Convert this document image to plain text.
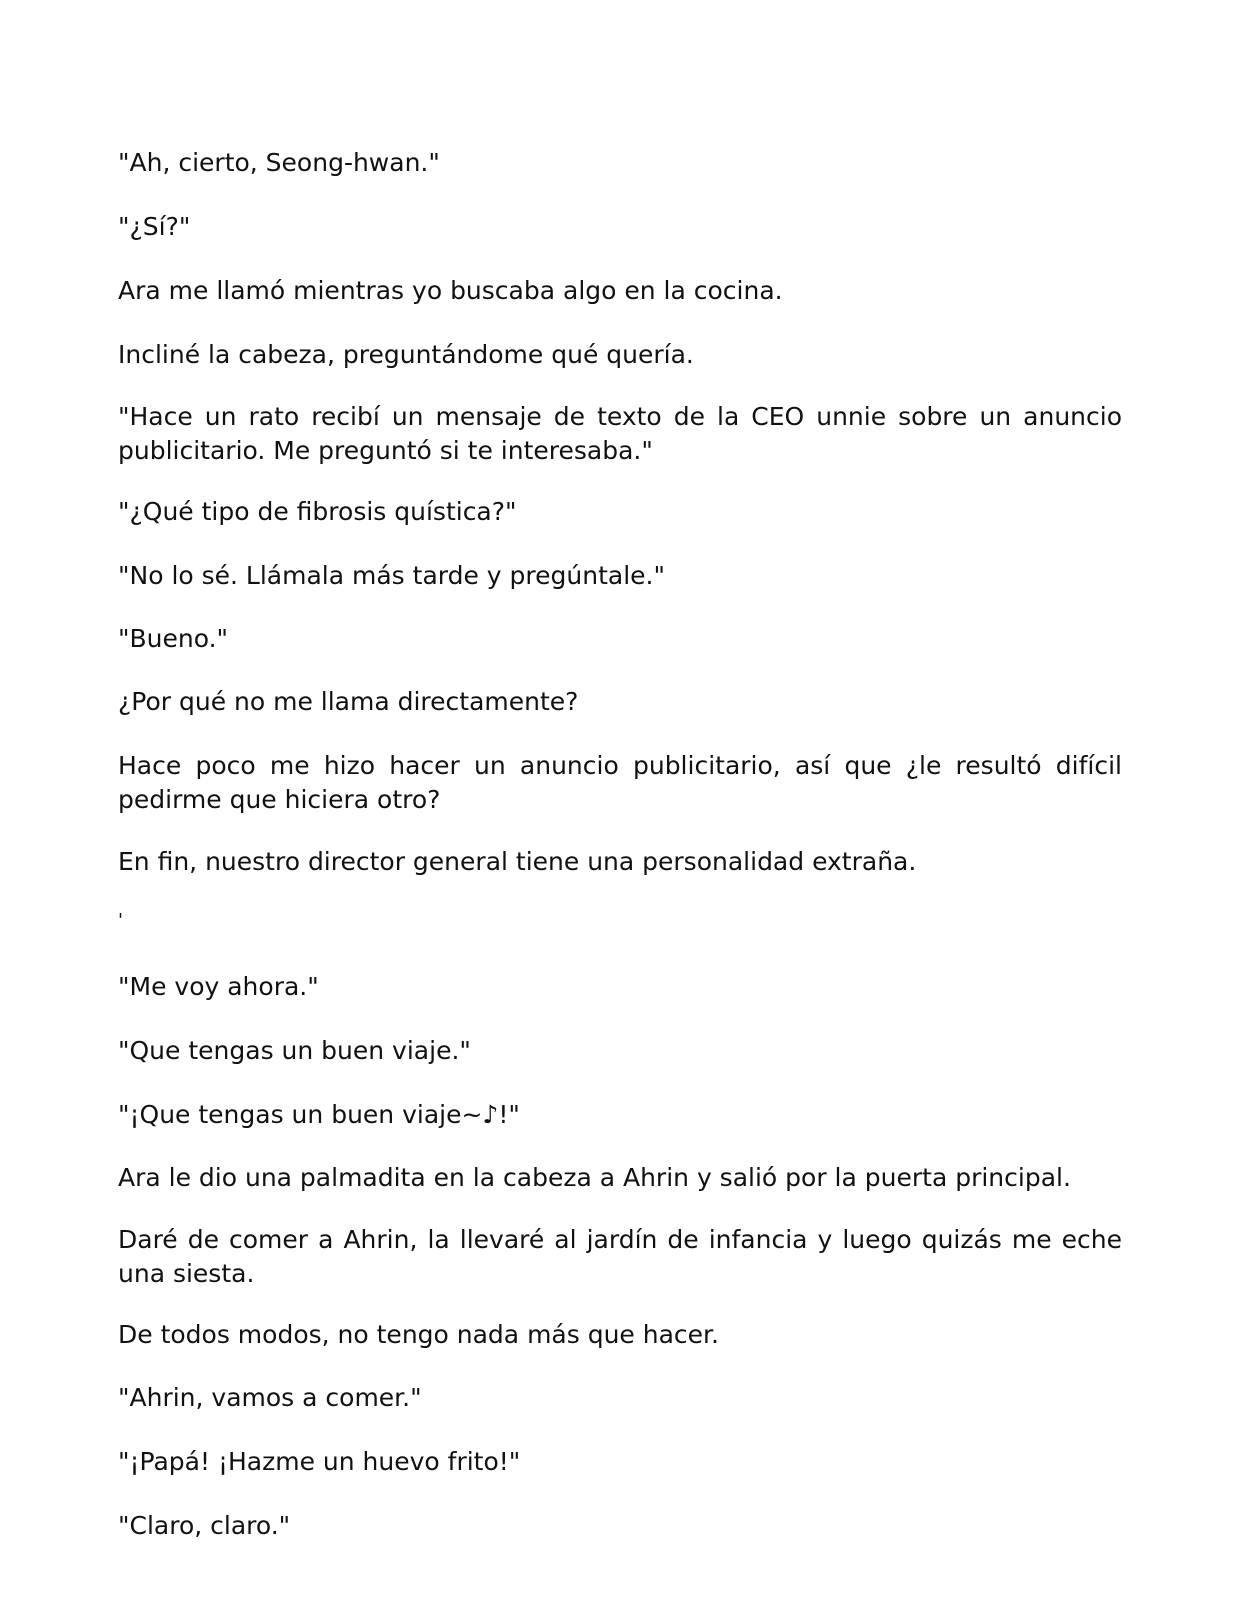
"Ah, cierto, Seong-hwan."

"¿Sí?"

Ara me llamó mientras yo buscaba algo en la cocina.

Incliné la cabeza, preguntándome qué quería.

"Hace un rato recibí un mensaje de texto de la CEO unnie sobre un anuncio publicitario. Me preguntó si te interesaba."

"¿Qué tipo de fibrosis quística?"

"No lo sé. Llámala más tarde y pregúntale."

"Bueno."

¿Por qué no me llama directamente?

Hace poco me hizo hacer un anuncio publicitario, así que ¿le resultó difícil pedirme que hiciera otro?

En fin, nuestro director general tiene una personalidad extraña.

'

"Me voy ahora."

"Que tengas un buen viaje."

"¡Que tengas un buen viaje~♪!"

Ara le dio una palmadita en la cabeza a Ahrin y salió por la puerta principal.

Daré de comer a Ahrin, la llevaré al jardín de infancia y luego quizás me eche una siesta.

De todos modos, no tengo nada más que hacer.

"Ahrin, vamos a comer."

"¡Papá! ¡Hazme un huevo frito!"

"Claro, claro."
